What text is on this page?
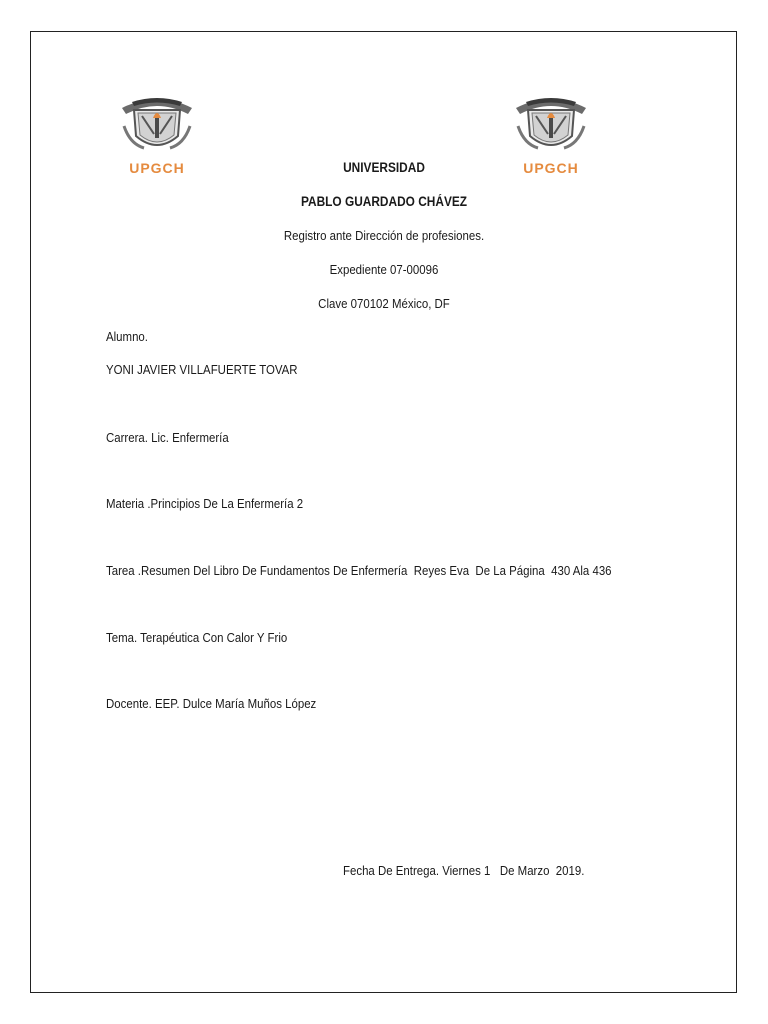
UPGCH	UPGCH
UNIVERSIDAD
PABLO GUARDADO CHÁVEZ
Registro ante Dirección de profesiones.
Expediente 07-00096
Clave 070102 México, DF
Alumno.
YONI JAVIER VILLAFUERTE TOVAR
Carrera. Lic. Enfermería
Materia .Principios De La Enfermería 2
Tarea .Resumen Del Libro De Fundamentos De Enfermería  Reyes Eva  De La Página  430 Ala 436
Tema. Terapéutica Con Calor Y Frio
Docente. EEP. Dulce María Muños López
Fecha De Entrega. Viernes 1   De Marzo  2019.
